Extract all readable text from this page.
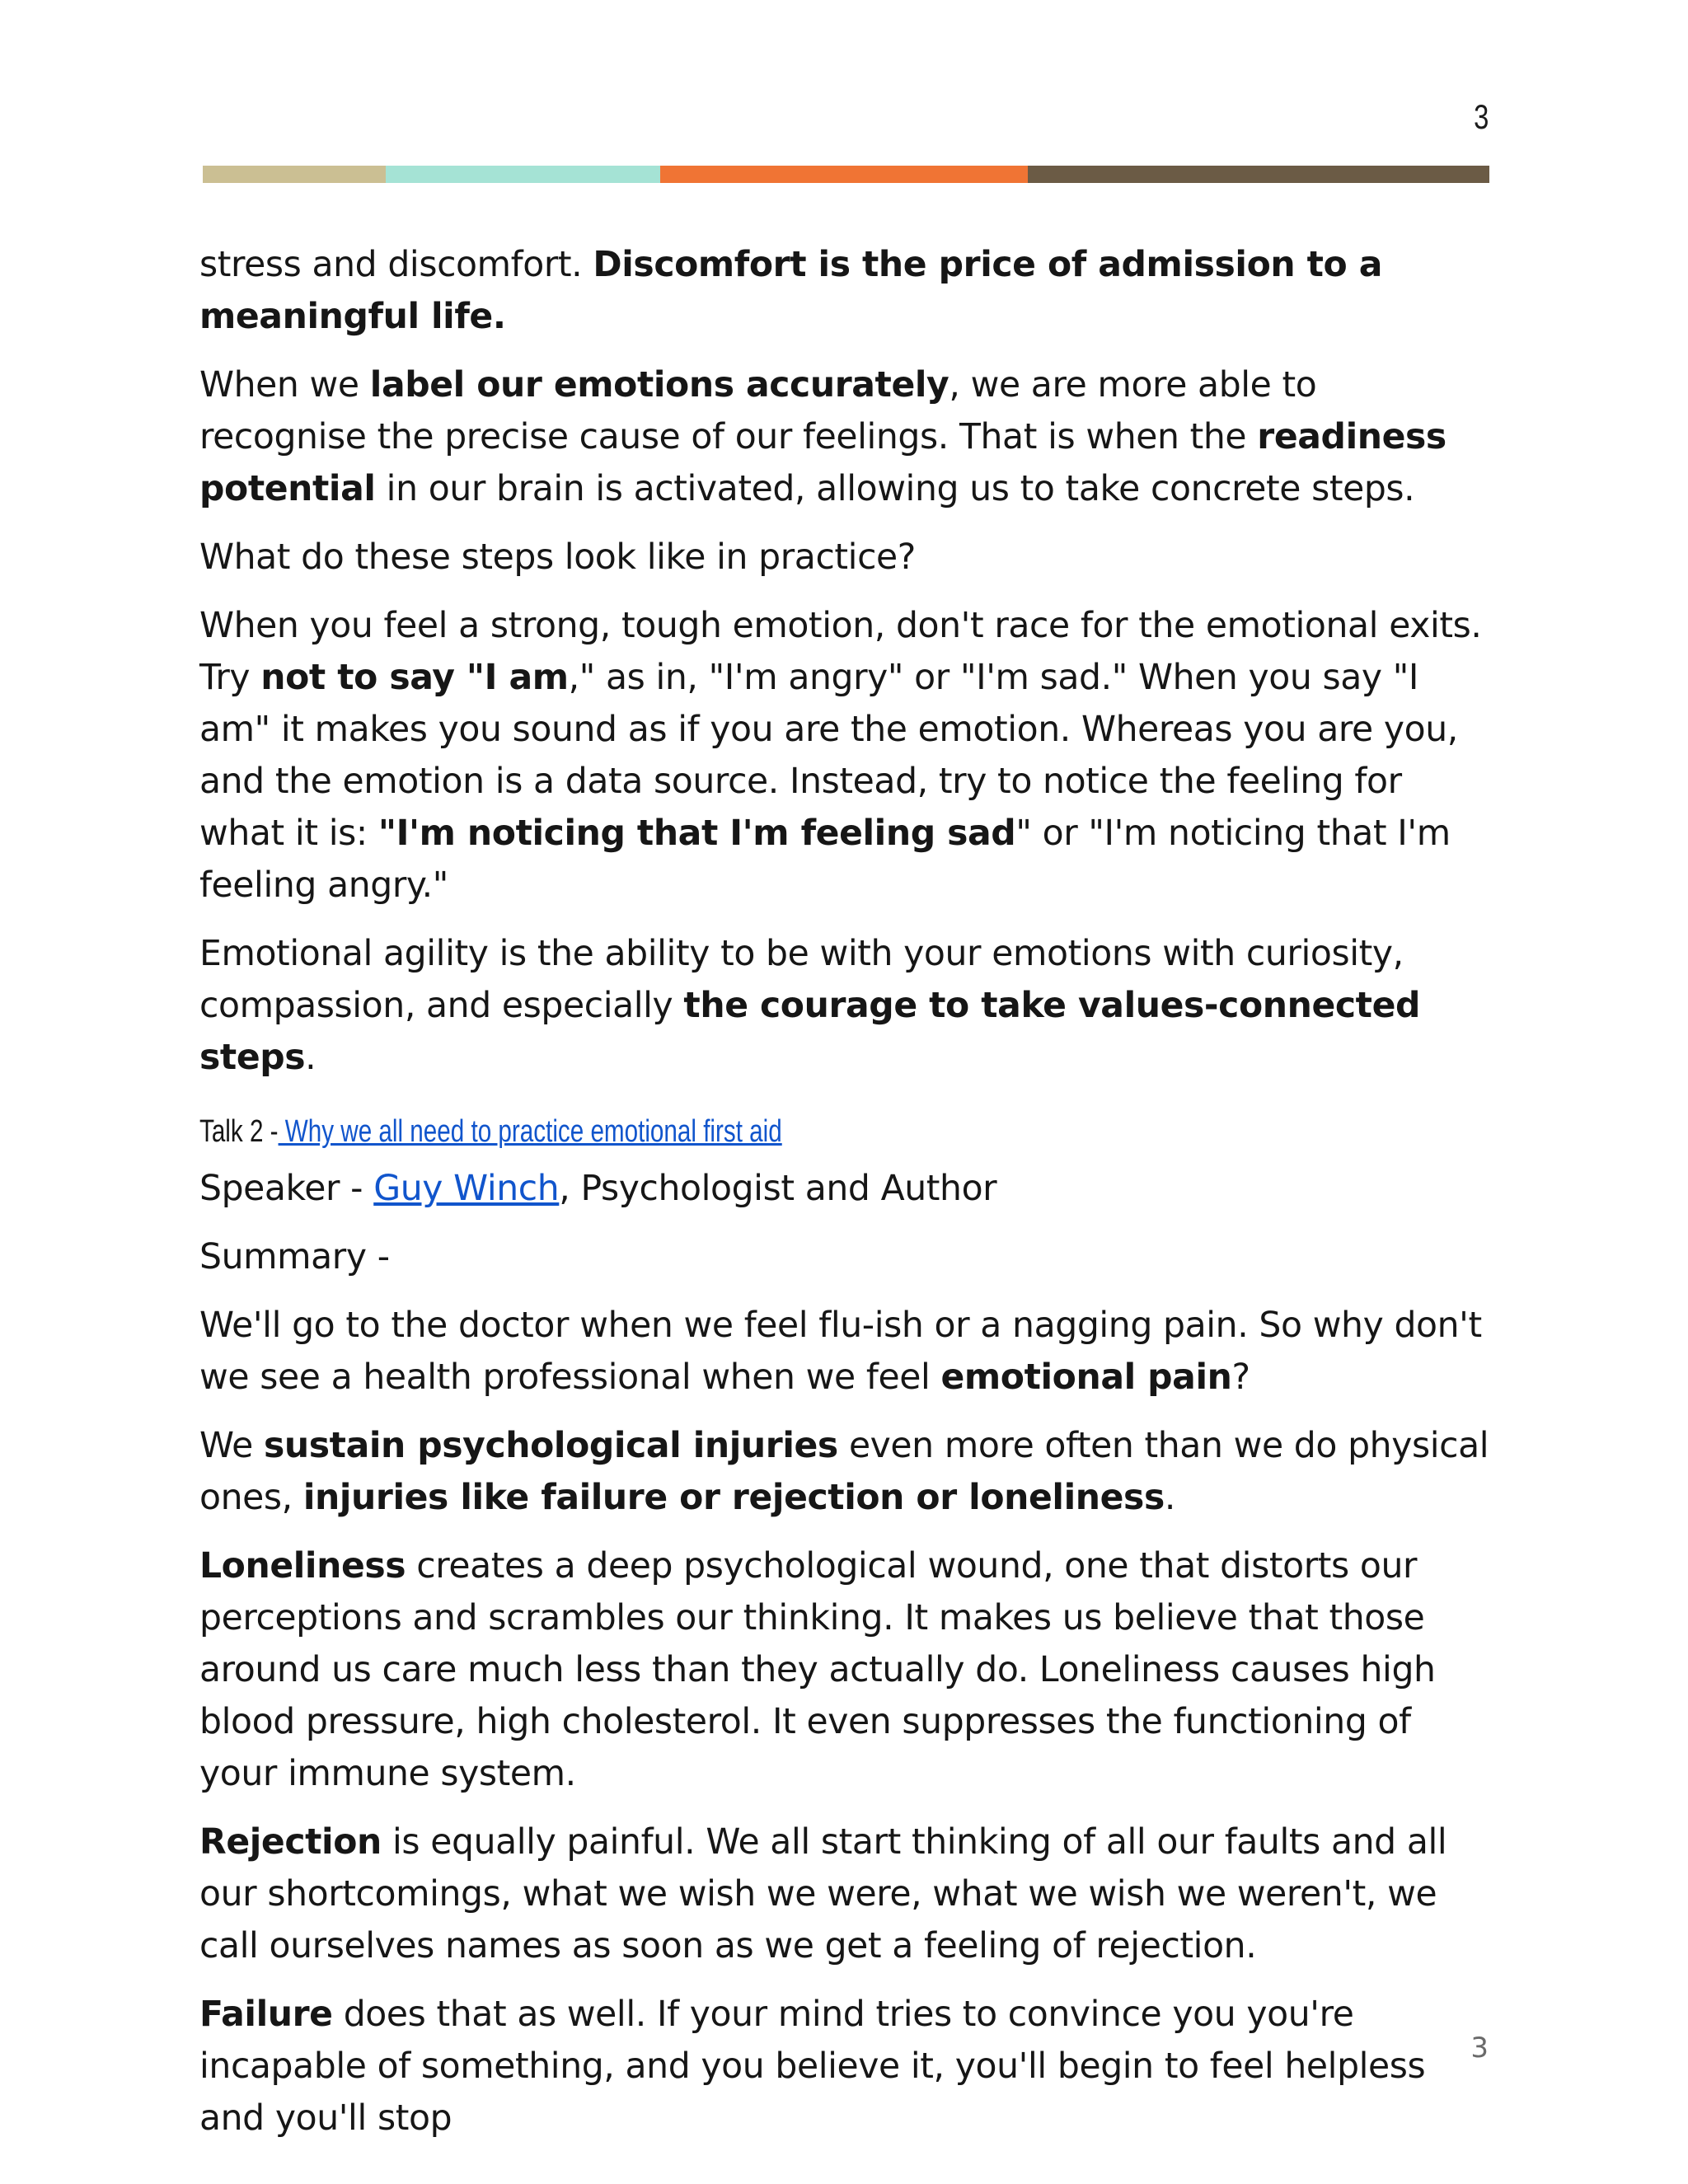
3

stress and discomfort. Discomfort is the price of admission to a meaningful life.

When we label our emotions accurately, we are more able to recognise the precise cause of our feelings. That is when the readiness potential in our brain is activated, allowing us to take concrete steps.

What do these steps look like in practice?

When you feel a strong, tough emotion, don't race for the emotional exits. Try not to say "I am," as in, "I'm angry" or "I'm sad." When you say "I am" it makes you sound as if you are the emotion. Whereas you are you, and the emotion is a data source. Instead, try to notice the feeling for what it is: "I'm noticing that I'm feeling sad" or "I'm noticing that I'm feeling angry."

Emotional agility is the ability to be with your emotions with curiosity, compassion, and especially the courage to take values-connected steps.

Talk 2 - Why we all need to practice emotional first aid

Speaker - Guy Winch, Psychologist and Author

Summary -

We'll go to the doctor when we feel flu-ish or a nagging pain. So why don't we see a health professional when we feel emotional pain?

We sustain psychological injuries even more often than we do physical ones, injuries like failure or rejection or loneliness.

Loneliness creates a deep psychological wound, one that distorts our perceptions and scrambles our thinking. It makes us believe that those around us care much less than they actually do. Loneliness causes high blood pressure, high cholesterol. It even suppresses the functioning of your immune system.

Rejection is equally painful. We all start thinking of all our faults and all our shortcomings, what we wish we were, what we wish we weren't, we call ourselves names as soon as we get a feeling of rejection.

Failure does that as well. If your mind tries to convince you you're incapable of something, and you believe it, you'll begin to feel helpless and you'll stop

3
